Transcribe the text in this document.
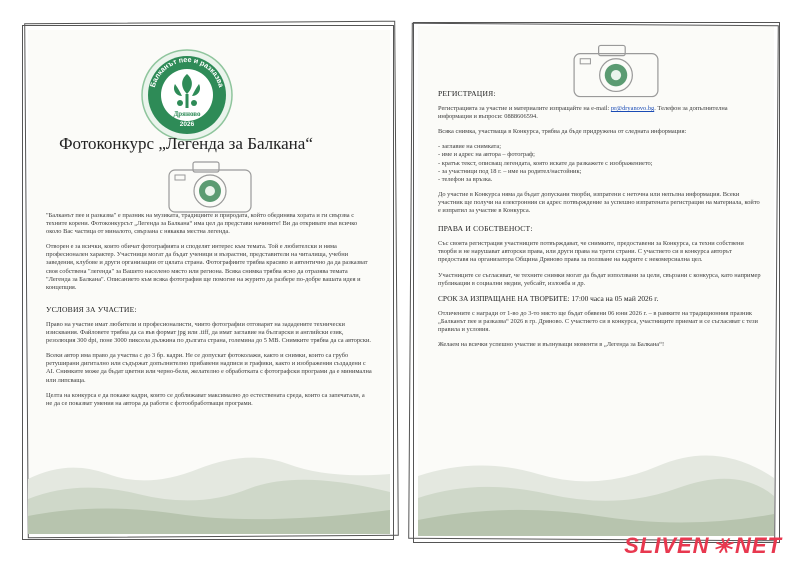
Балканът пее и разказва
Дряново
2026
Фотоконкурс „Легенда за Балкана“

"Балканът пее и разказва" е празник на музиката, традициите и природата, който обединява хората и ги свързва с техните корени. Фотоконкурсът „Легенда за Балкана“ има цел да представи начините! Ви да откривате във всичко около Вас частица от миналото, свързана с някаква местна легенда.

Отворен е за всички, които обичат фотографията и споделят интерес към темата. Той е любителски и няма професионален характер. Участници могат да бъдат ученици и възрастни, представители на читалища, учебни заведения, клубове и други организации от цялата страна. Фотографиите трябва красиво и автентично да да разказват своя собствена "легенда" за Вашето населено място или региона. Всяка снимка трябва ясно да отразява темата "Легенда за Балкана". Описанието към всяка фотография ще помогне на журито да разбере по-добре вашата идея и концепция.

УСЛОВИЯ ЗА УЧАСТИЕ:

Право на участие имат любители и професионалисти, чиито фотографии отговарят на зададените технически изисквания. Файловете трябва да са във формат jpg или .tiff, да имат заглавие на български и английски език, резолюция 300 dpi, поне 3000 пиксела дължина по дългата страна, големина до 5 MB. Снимките трябва да са авторски.

Всеки автор има право да участва с до 3 бр. кадри. Не се допускат фотоколажи, както и снимки, които са грубо ретуширани дигитално или съдържат допълнително прибавени надписи и графики, както и изображения създадени с AI. Снимките може да бъдат цветни или черно-бели, желателно е обработката с фотографски програми да е минимална или липсваща.

Целта на конкурса е да покаже кадри, които се доближават максимално до естествената среда, които са запечатали, а не да се показват умения на автора да работи с фотообработващи програми.

РЕГИСТРАЦИЯ:

Регистрацията за участие и материалите изпращайте на e-mail: pr@dryanovo.bg. Телефон за допълнителна информация и въпроси: 0888606594.

Всяка снимка, участваща в Конкурса, трябва да бъде придружена от следната информация:

- заглавие на снимката;
- име и адрес на автора – фотограф;
- кратък текст, описващ легендата, която искате да разкажете с изображението;
- за участници под 18 г. – име на родител/настойник;
- телефон за връзка.

До участие в Конкурса няма да бъдат допускани творби, изпратени с неточна или непълна информация. Всеки участник ще получи на електронния си адрес потвърждение за успешно изпратената регистрация на материала, който е изпратил за участие в Конкурса.

ПРАВА И СОБСТВЕНОСТ:

Със своята регистрация участниците потвърждават, че снимките, предоставени за Конкурса, са техни собствени творби и не нарушават авторски права, или други права на трети страни. С участието си в конкурса авторът предоставя на организатора Община Дряново права за ползване на кадрите с некомерсиална цел.

Участниците се съгласяват, че техните снимки могат да бъдат използвани за цели, свързани с конкурса, като например публикации в социални медии, уебсайт, изложба и др.

СРОК ЗА ИЗПРАЩАНЕ НА ТВОРБИТЕ: 17:00 часа на 05 май 2026 г.

Отличените с награди от 1-во до 3-то място ще бъдат обявени 06 юни 2026 г. – в рамките на традиционния празник „Балканът пее и разказва“ 2026 в гр. Дряново. С участието си в конкурса, участниците приемат и се съгласяват с тези правила и условия.

Желаем на всички успешно участие и вълнуващи моменти в „Легенда за Балкана“!

SLIVEN✳NET
